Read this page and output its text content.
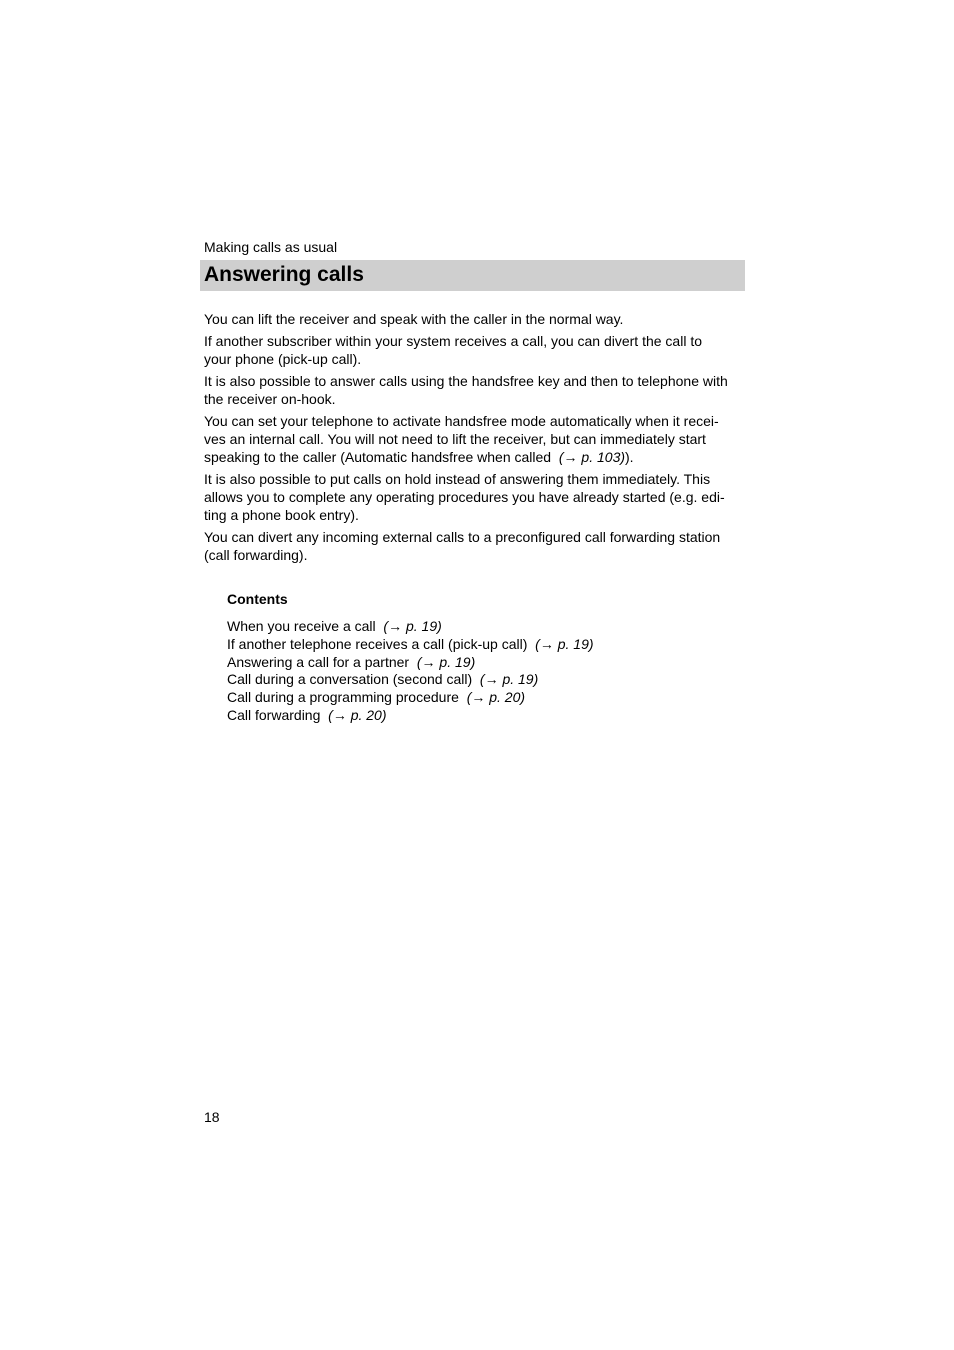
Making calls as usual
Answering calls

You can lift the receiver and speak with the caller in the normal way.

If another subscriber within your system receives a call, you can divert the call to
your phone (pick-up call).

It is also possible to answer calls using the handsfree key and then to telephone with
the receiver on-hook.

You can set your telephone to activate handsfree mode automatically when it recei-
ves an internal call. You will not need to lift the receiver, but can immediately start
speaking to the caller (Automatic handsfree when called (→ p. 103)).

It is also possible to put calls on hold instead of answering them immediately. This
allows you to complete any operating procedures you have already started (e.g. edi-
ting a phone book entry).

You can divert any incoming external calls to a preconfigured call forwarding station
(call forwarding).

Contents
When you receive a call (→ p. 19)
If another telephone receives a call (pick-up call) (→ p. 19)
Answering a call for a partner (→ p. 19)
Call during a conversation (second call) (→ p. 19)
Call during a programming procedure (→ p. 20)
Call forwarding (→ p. 20)
18
